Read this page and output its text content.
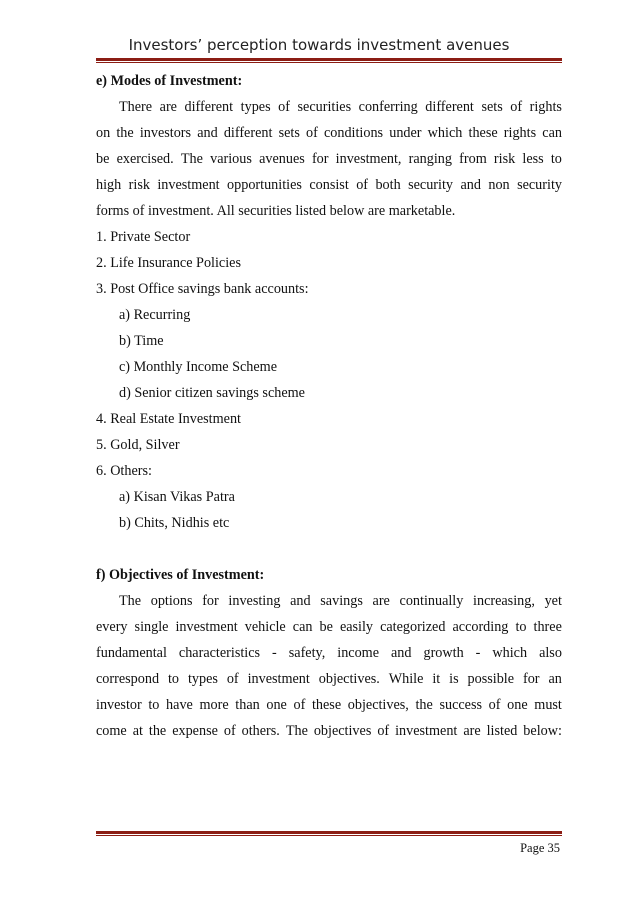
Investors’ perception towards investment avenues
e) Modes of Investment:
There are different types of securities conferring different sets of rights
on the investors and different sets of conditions under which these rights can
be exercised. The various avenues for investment, ranging from risk less to
high risk investment opportunities consist of both security and non security
forms of investment. All securities listed below are marketable.
1. Private Sector
2. Life Insurance Policies
3. Post Office savings bank accounts:
a) Recurring
b) Time
c) Monthly Income Scheme
d) Senior citizen savings scheme
4. Real Estate Investment
5. Gold, Silver
6. Others:
a) Kisan Vikas Patra
b) Chits, Nidhis etc
f) Objectives of Investment:
The options for investing and savings are continually increasing, yet
every single investment vehicle can be easily categorized according to three
fundamental characteristics - safety, income and growth - which also
correspond to types of investment objectives. While it is possible for an
investor to have more than one of these objectives, the success of one must
come at the expense of others. The objectives of investment are listed below:
Page 35
